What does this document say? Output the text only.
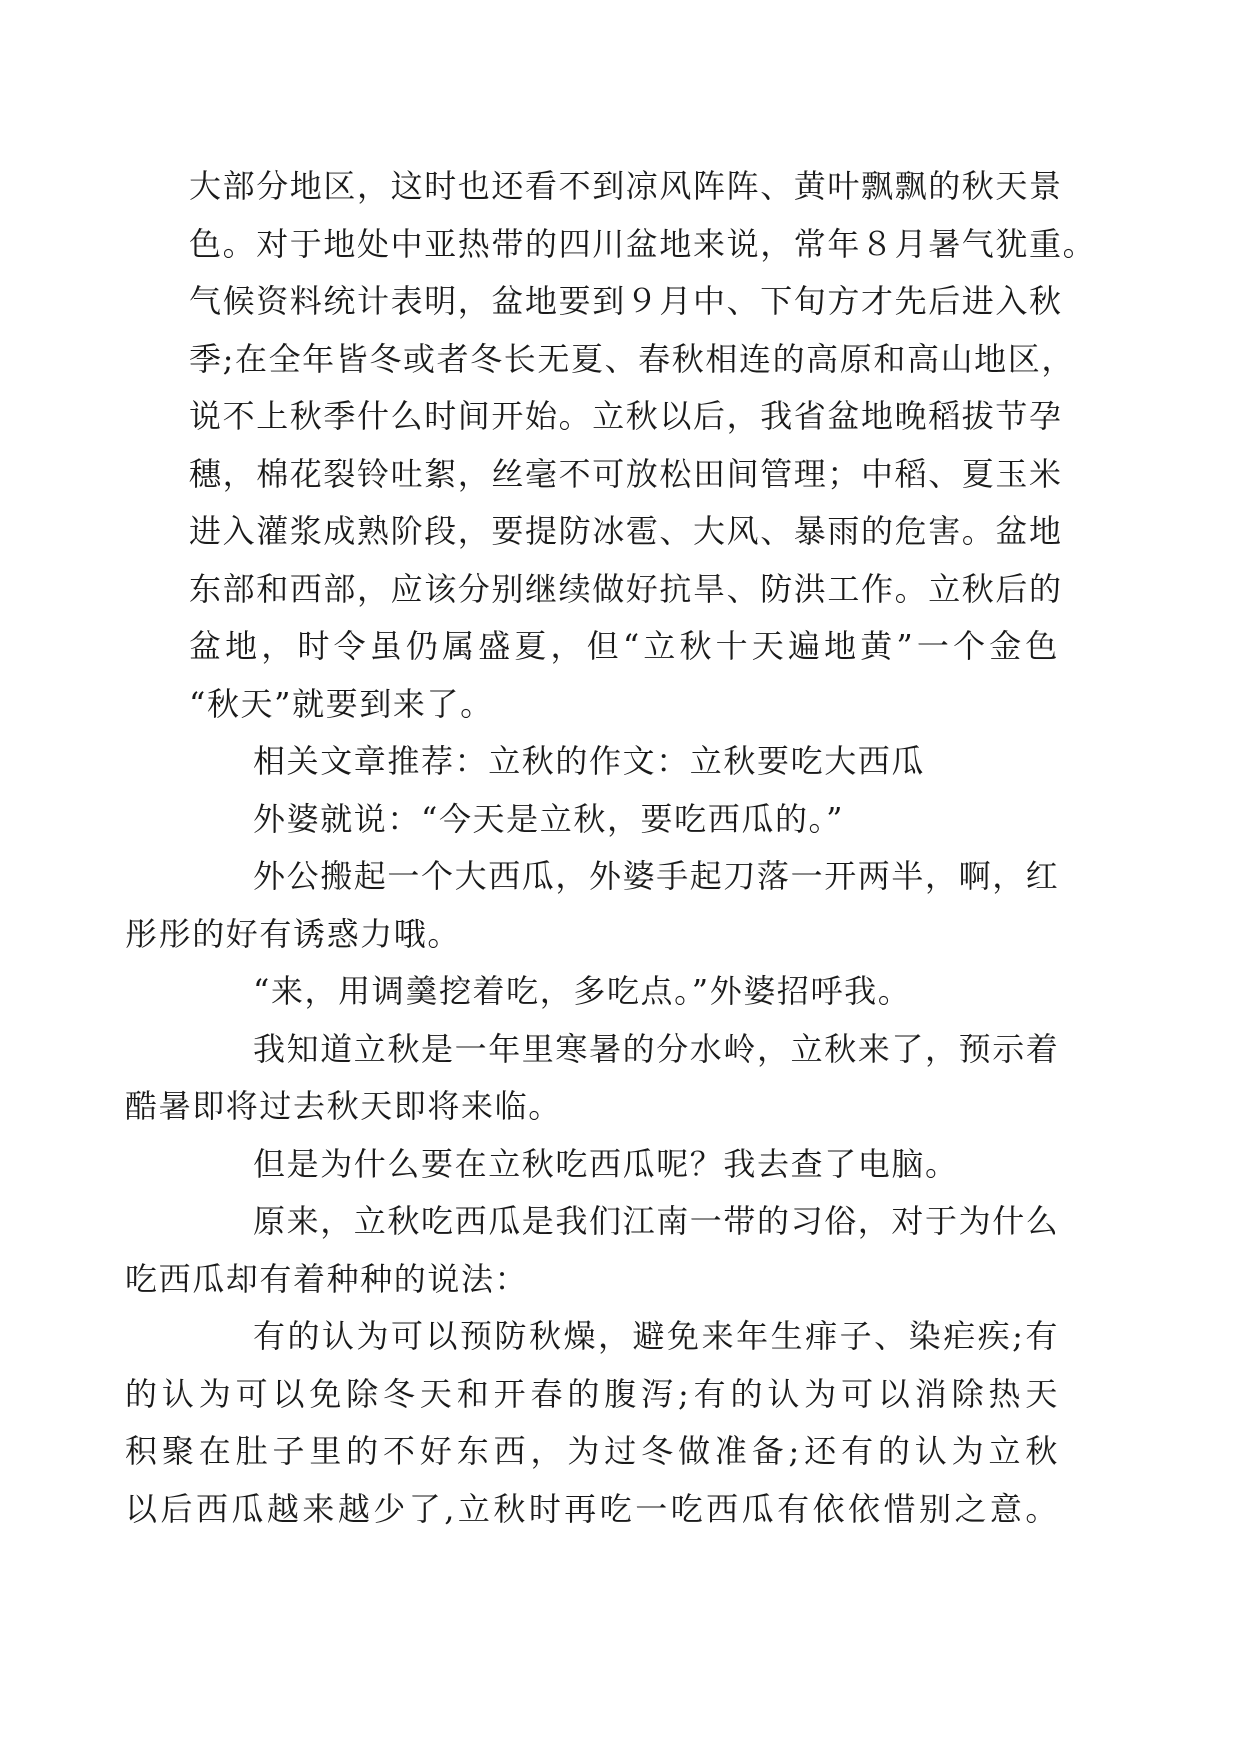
大部分地区，这时也还看不到凉风阵阵、黄叶飘飘的秋天景
色。对于地处中亚热带的四川盆地来说，常年８月暑气犹重。
气候资料统计表明，盆地要到９月中、下旬方才先后进入秋
季;在全年皆冬或者冬长无夏、春秋相连的高原和高山地区，
说不上秋季什么时间开始。立秋以后，我省盆地晚稻拔节孕
穗，棉花裂铃吐絮，丝毫不可放松田间管理；中稻、夏玉米
进入灌浆成熟阶段，要提防冰雹、大风、暴雨的危害。盆地
东部和西部，应该分别继续做好抗旱、防洪工作。立秋后的
盆地，时令虽仍属盛夏，但“立秋十天遍地黄”一个金色
“秋天”就要到来了。

相关文章推荐：立秋的作文：立秋要吃大西瓜

外婆就说：“今天是立秋，要吃西瓜的。”

外公搬起一个大西瓜，外婆手起刀落一开两半，啊，红
彤彤的好有诱惑力哦。

“来，用调羹挖着吃，多吃点。”外婆招呼我。

我知道立秋是一年里寒暑的分水岭，立秋来了，预示着
酷暑即将过去秋天即将来临。

但是为什么要在立秋吃西瓜呢？我去查了电脑。

原来，立秋吃西瓜是我们江南一带的习俗，对于为什么
吃西瓜却有着种种的说法：

有的认为可以预防秋燥，避免来年生痱子、染疟疾;有
的认为可以免除冬天和开春的腹泻;有的认为可以消除热天
积聚在肚子里的不好东西，为过冬做准备;还有的认为立秋
以后西瓜越来越少了,立秋时再吃一吃西瓜有依依惜别之意。
